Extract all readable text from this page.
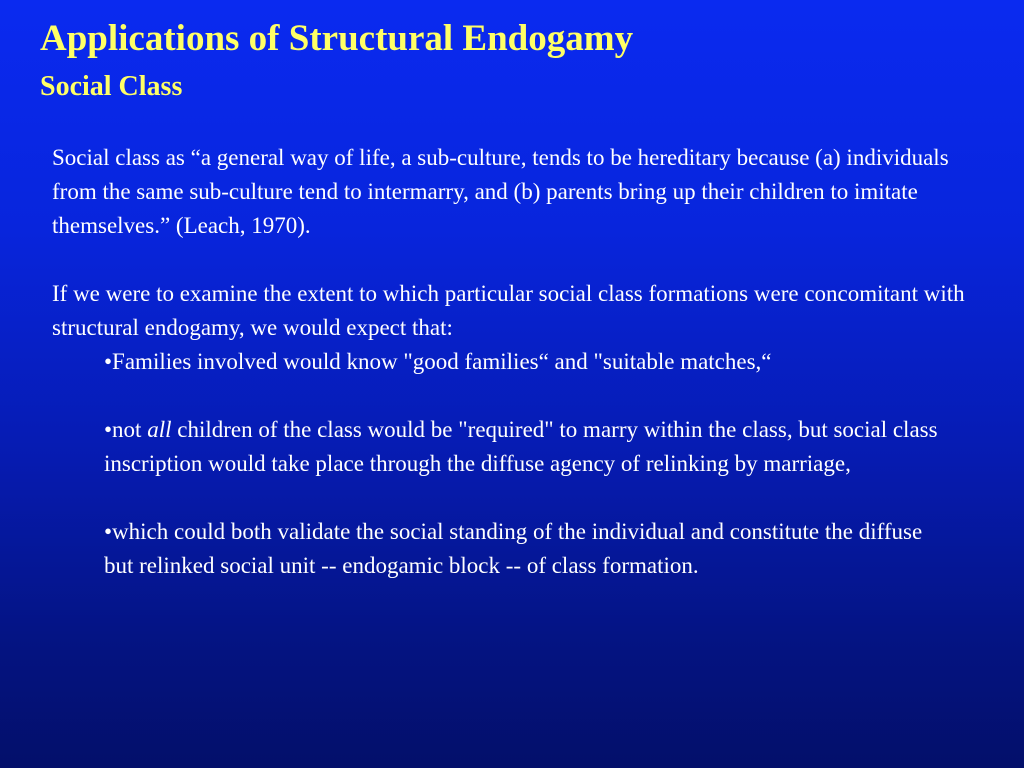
Applications of Structural Endogamy
Social Class

Social class as “a general way of life, a sub-culture, tends to be hereditary because (a) individuals from the same sub-culture tend to intermarry, and (b) parents bring up their children to imitate themselves.” (Leach, 1970).

If we were to examine the extent to which particular social class formations were concomitant with structural endogamy, we would expect that:

•Families involved would know "good families“ and "suitable matches,“

•not all children of the class would be "required" to marry within the class, but social class inscription would take place through the diffuse agency of relinking by marriage,

•which could both validate the social standing of the individual and constitute the diffuse but relinked social unit -- endogamic block -- of class formation.
